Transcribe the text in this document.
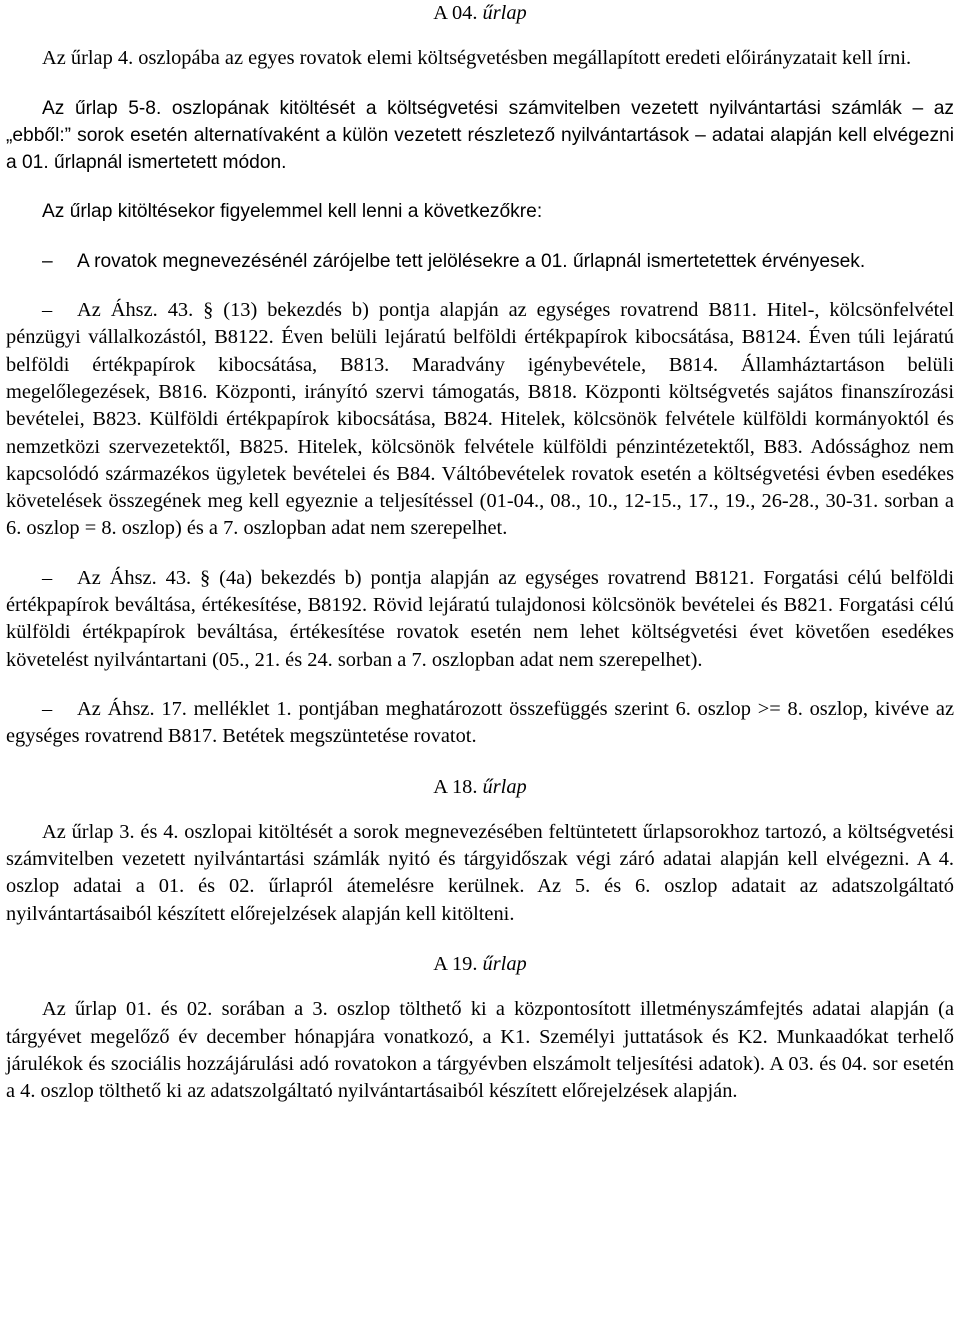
A 04. űrlap

Az űrlap 4. oszlopába az egyes rovatok elemi költségvetésben megállapított eredeti előirányzatait kell írni.

Az űrlap 5-8. oszlopának kitöltését a költségvetési számvitelben vezetett nyilvántartási számlák – az „ebből:” sorok esetén alternatívaként a külön vezetett részletező nyilvántartások – adatai alapján kell elvégezni a 01. űrlapnál ismertetett módon.

Az űrlap kitöltésekor figyelemmel kell lenni a következőkre:

– A rovatok megnevezésénél zárójelbe tett jelölésekre a 01. űrlapnál ismertetettek érvényesek.

– Az Áhsz. 43. § (13) bekezdés b) pontja alapján az egységes rovatrend B811. Hitel-, kölcsönfelvétel pénzügyi vállalkozástól, B8122. Éven belüli lejáratú belföldi értékpapírok kibocsátása, B8124. Éven túli lejáratú belföldi értékpapírok kibocsátása, B813. Maradvány igénybevétele, B814. Államháztartáson belüli megelőlegezések, B816. Központi, irányító szervi támogatás, B818. Központi költségvetés sajátos finanszírozási bevételei, B823. Külföldi értékpapírok kibocsátása, B824. Hitelek, kölcsönök felvétele külföldi kormányoktól és nemzetközi szervezetektől, B825. Hitelek, kölcsönök felvétele külföldi pénzintézetektől, B83. Adóssághoz nem kapcsolódó származékos ügyletek bevételei és B84. Váltóbevételek rovatok esetén a költségvetési évben esedékes követelések összegének meg kell egyeznie a teljesítéssel (01-04., 08., 10., 12-15., 17., 19., 26-28., 30-31. sorban a 6. oszlop = 8. oszlop) és a 7. oszlopban adat nem szerepelhet.

– Az Áhsz. 43. § (4a) bekezdés b) pontja alapján az egységes rovatrend B8121. Forgatási célú belföldi értékpapírok beváltása, értékesítése, B8192. Rövid lejáratú tulajdonosi kölcsönök bevételei és B821. Forgatási célú külföldi értékpapírok beváltása, értékesítése rovatok esetén nem lehet költségvetési évet követően esedékes követelést nyilvántartani (05., 21. és 24. sorban a 7. oszlopban adat nem szerepelhet).

– Az Áhsz. 17. melléklet 1. pontjában meghatározott összefüggés szerint 6. oszlop >= 8. oszlop, kivéve az egységes rovatrend B817. Betétek megszüntetése rovatot.

A 18. űrlap

Az űrlap 3. és 4. oszlopai kitöltését a sorok megnevezésében feltüntetett űrlapsorokhoz tartozó, a költségvetési számvitelben vezetett nyilvántartási számlák nyitó és tárgyidőszak végi záró adatai alapján kell elvégezni. A 4. oszlop adatai a 01. és 02. űrlapról átemelésre kerülnek. Az 5. és 6. oszlop adatait az adatszolgáltató nyilvántartásaiból készített előrejelzések alapján kell kitölteni.

A 19. űrlap

Az űrlap 01. és 02. sorában a 3. oszlop tölthető ki a központosított illetményszámfejtés adatai alapján (a tárgyévet megelőző év december hónapjára vonatkozó, a K1. Személyi juttatások és K2. Munkaadókat terhelő járulékok és szociális hozzájárulási adó rovatokon a tárgyévben elszámolt teljesítési adatok). A 03. és 04. sor esetén a 4. oszlop tölthető ki az adatszolgáltató nyilvántartásaiból készített előrejelzések alapján.
